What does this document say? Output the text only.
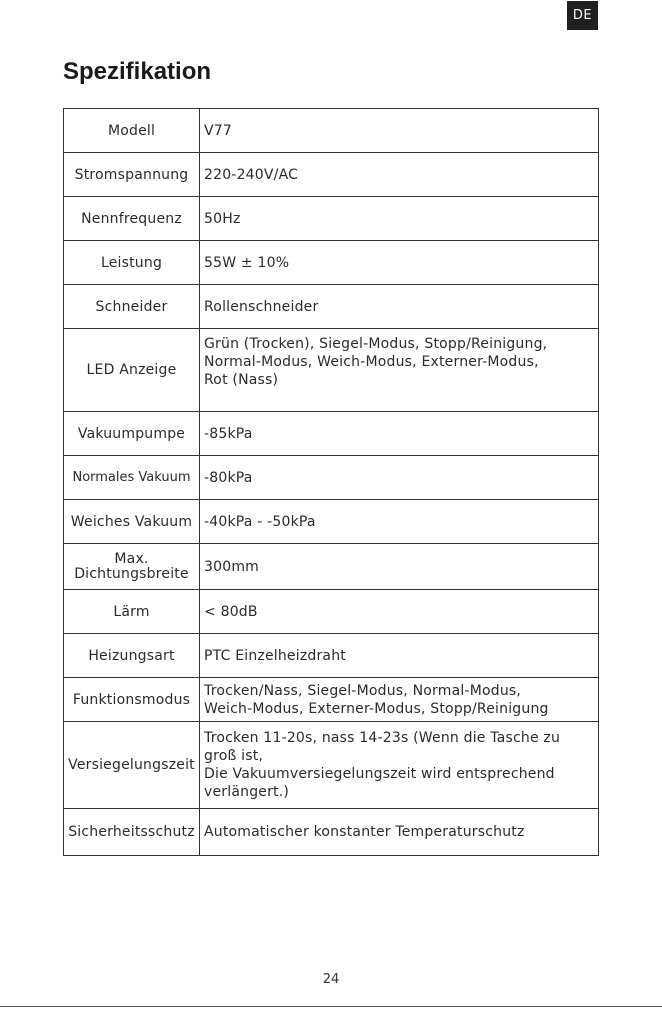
DE
Spezifikation
Modell	V77
Stromspannung	220-240V/AC
Nennfrequenz	50Hz
Leistung	55W ± 10%
Schneider	Rollenschneider
LED Anzeige	Grün (Trocken), Siegel-Modus, Stopp/Reinigung,
Normal-Modus, Weich-Modus, Externer-Modus,
Rot (Nass)
Vakuumpumpe	-85kPa
Normales Vakuum	-80kPa
Weiches Vakuum	-40kPa - -50kPa
Max.
Dichtungsbreite	300mm
Lärm	< 80dB
Heizungsart	PTC Einzelheizdraht
Funktionsmodus	Trocken/Nass, Siegel-Modus, Normal-Modus,
Weich-Modus, Externer-Modus, Stopp/Reinigung
Versiegelungszeit	Trocken 11-20s, nass 14-23s (Wenn die Tasche zu
groß ist,
Die Vakuumversiegelungszeit wird entsprechend
verlängert.)
Sicherheitsschutz	Automatischer konstanter Temperaturschutz
24
